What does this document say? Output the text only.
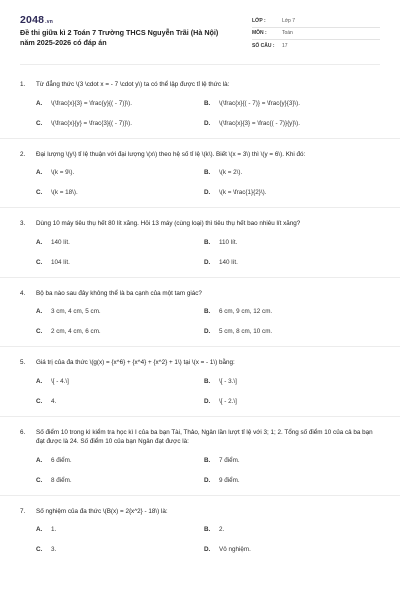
2048.vn
Đề thi giữa kì 2 Toán 7 Trường THCS Nguyễn Trãi (Hà Nội)
năm 2025-2026 có đáp án
LỚP :	Lớp 7
MÔN :	Toán
SỐ CÂU :	17
1.	Từ đẳng thức \(3 \cdot x = - 7 \cdot y\) ta có thể lập được tỉ lệ thức là:
A.	\(\frac{x}{3} = \frac{y}{( - 7)}\).	B.	\(\frac{x}{( - 7)} = \frac{y}{3}\).
C.	\(\frac{x}{y} = \frac{3}{( - 7)}\).	D.	\(\frac{x}{3} = \frac{( - 7)}{y}\).
2.	Đại lượng \(y\) tỉ lệ thuận với đại lượng \(x\) theo hệ số tỉ lệ \(k\). Biết \(x = 3\) thì \(y = 6\). Khi đó:
A.	\(k = 9\).	B.	\(k = 2\).
C.	\(k = 18\).	D.	\(k = \frac{1}{2}\).
3.	Dùng 10 máy tiêu thụ hết 80 lít xăng. Hỏi 13 máy (cùng loại) thì tiêu thụ hết bao nhiêu lít xăng?
A.	140 lít.	B.	110 lít.
C.	104 lít.	D.	140 lít.
4.	Bộ ba nào sau đây không thể là ba cạnh của một tam giác?
A.	3 cm, 4 cm, 5 cm.	B.	6 cm, 9 cm, 12 cm.
C.	2 cm, 4 cm, 6 cm.	D.	5 cm, 8 cm, 10 cm.
5.	Giá trị của đa thức \(g(x) = {x^6} + {x^4} + {x^2} + 1\) tại \(x = - 1\) bằng:
A.	\[ - 4.\]	B.	\[ - 3.\]
C.	4.	D.	\[ - 2.\]
6.	Số điểm 10 trong kì kiểm tra học kì I của ba bạn Tài, Thảo, Ngân lần lượt tỉ lệ với 3; 1; 2. Tổng số điểm 10 của cả ba bạn đạt được là 24. Số điểm 10 của bạn Ngân đạt được là:
A.	6 điểm.	B.	7 điểm.
C.	8 điểm.	D.	9 điểm.
7.	Số nghiệm của đa thức \(B(x) = 2{x^2} - 18\) là:
A.	1.	B.	2.
C.	3.	D.	Vô nghiệm.
